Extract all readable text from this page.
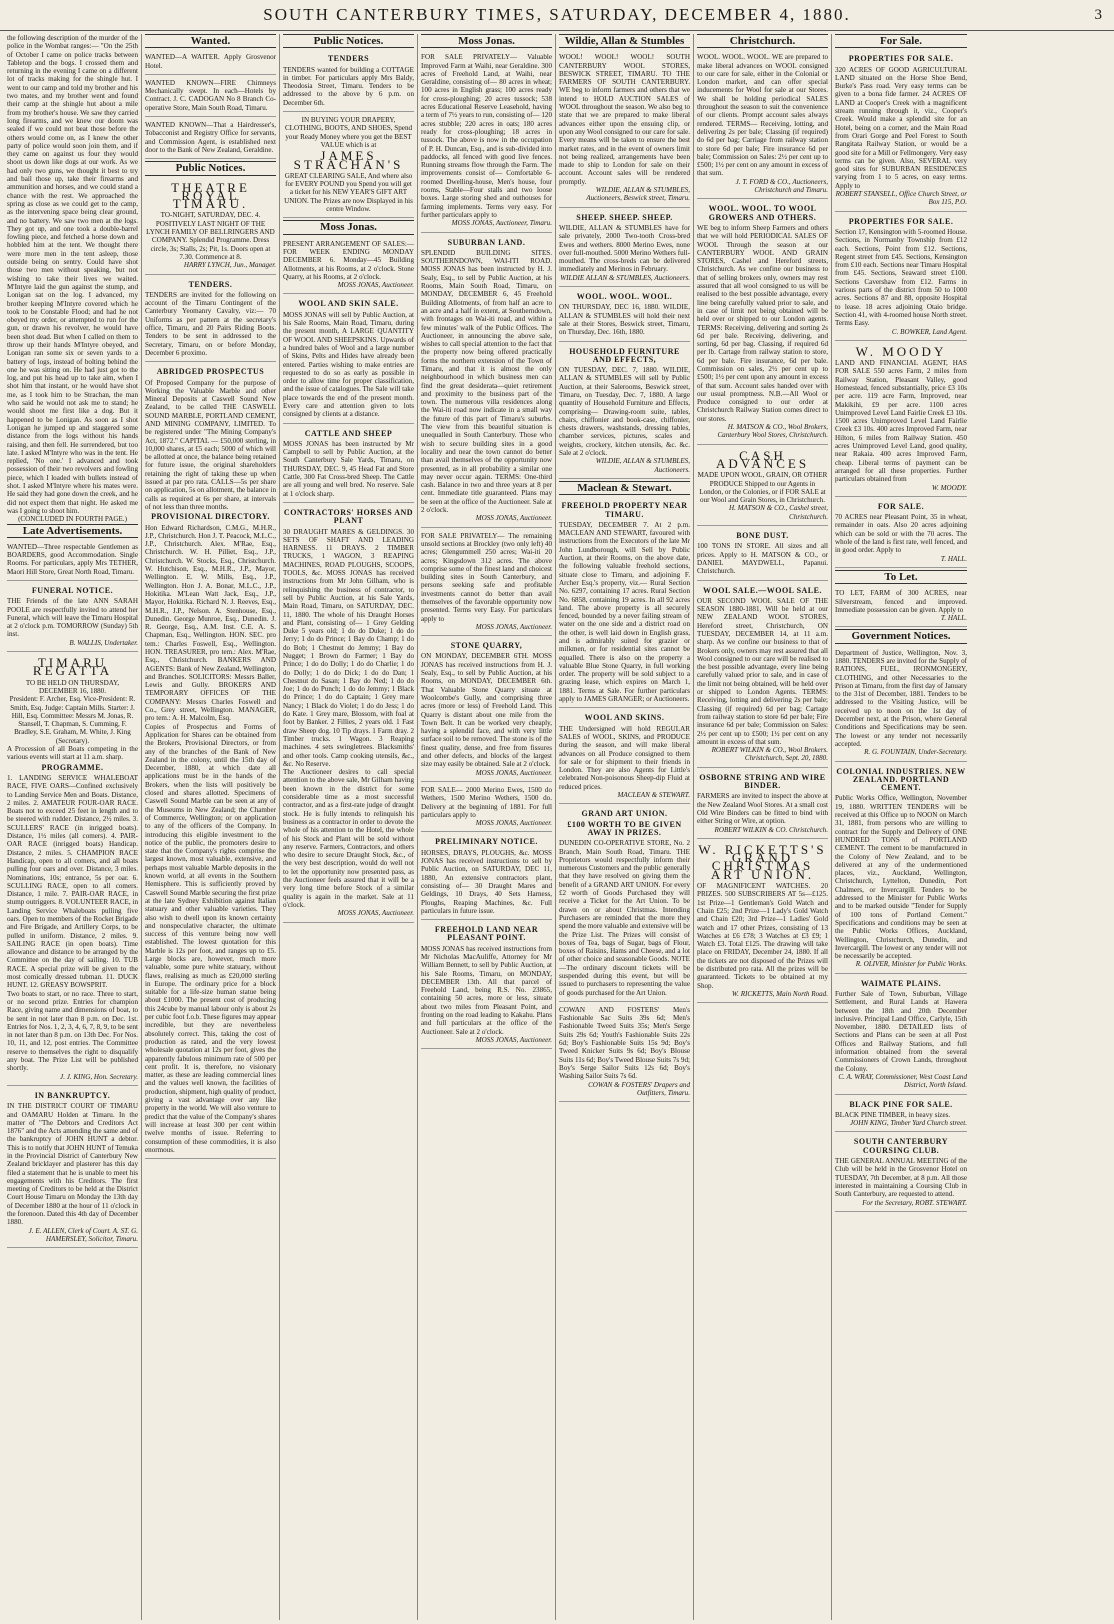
SOUTH CANTERBURY TIMES, SATURDAY, DECEMBER 4, 1880.	3

the following description of the murder of the police in the Wombat ranges:— "On the 25th of October I came on police tracks between Tabletop and the bogs. I crossed them and returning in the evening I came on a different lot of tracks making for the shingle hut. I went to our camp and told my brother and his two mates, and my brother went and found their camp at the shingle hut about a mile from my brother's house. We saw they carried long firearms, and we knew our doom was sealed if we could not beat those before the others would come on, as I knew the other party of police would soon join them, and if they came on against us four they would shoot us down like dogs at our work. As we had only two guns, we thought it best to try and bail those up, take their firearms and ammunition and horses, and we could stand a chance with the rest. We approached the spring as close as we could get to the camp, as the intervening space being clear ground, and no battery. We saw two men at the logs. They got up, and one took a double-barrel fowling piece, and fetched a horse down and hobbled him at the tent. We thought there were more men in the tent asleep, those outside being on sentry. Could have shot those two men without speaking, but not wishing to take their lives we waited. M'Intyre laid the gun against the stump, and Lonigan sat on the log. I advanced, my brother keeping M'Intyre covered which he took to be Constable Flood; and had he not obeyed my order, or attempted to run for the gun, or drawn his revolver, he would have been shot dead. But when I called on them to throw up their hands M'Intyre obeyed, and Lonigan ran some six or seven yards to a battery of logs, instead of bolting behind the one he was sitting on. He had just got to the log, and put his head up to take aim, when I shot him that instant, or he would have shot me, as I took him to be Strachan, the man who said he would not ask me to stand; he would shoot me first like a dog. But it happened to be Lonigan. As soon as I shot Lonigan he jumped up and staggered some distance from the logs without his hands raising, and then fell. He surrendered, but too late. I asked M'Intyre who was in the tent. He replied, 'No one.' I advanced and took possession of their two revolvers and fowling piece, which I loaded with bullets instead of shot. I asked M'Intyre where his mates were. He said they had gone down the creek, and he did not expect them that night. He asked me was I going to shoot him.

(CONCLUDED IN FOURTH PAGE.)

Late Advertisements.

WANTED—Three respectable Gentlemen as BOARDERS, good Accommodation. Single Rooms. For particulars, apply Mrs TETHER, Maori Hill Store, Great North Road, Timaru.

FUNERAL NOTICE.

THE Friends of the late ANN SARAH POOLE are respectfully invited to attend her Funeral, which will leave the Timaru Hospital at 2 o'clock p.m. TOMORROW (Sunday) 5th inst.

B. WALLIS, Undertaker.

TIMARU REGATTA

TO BE HELD ON THURSDAY, DECEMBER 16, 1880.

President: F. Archer, Esq. Vice-President: R. Smith, Esq. Judge: Captain Mills. Starter: J. Hill, Esq. Committee: Messrs M. Jonas, R. Stansell, T. Chapman, S. Cumming, F. Bradley, S.E. Graham, M. White, J. King (Secretary).

A Procession of all Boats competing in the various events will start at 11 a.m. sharp.

PROGRAMME.

1. LANDING SERVICE WHALEBOAT RACE, FIVE OARS—Confined exclusively to Landing Service Men and Boats. Distance, 2 miles. 2. AMATEUR FOUR-OAR RACE. Boats not to exceed 25 feet in length and to be steered with rudder. Distance, 2½ miles. 3. SCULLERS' RACE (in inrigged boats). Distance, 1½ miles (all comers). 4. PAIR-OAR RACE (inrigged boats) Handicap. Distance, 2 miles. 5. CHAMPION RACE Handicap, open to all comers, and all boats pulling four oars and over. Distance, 3 miles. Nominations, 10s; entrance, 5s per oar. 6. SCULLING RACE, open to all comers. Distance, 1 mile. 7. PAIR-OAR RACE, in stump outriggers. 8. VOLUNTEER RACE, in Landing Service Whaleboats pulling five oars. Open to members of the Rocket Brigade and Fire Brigade, and Artillery Corps, to be pulled in uniform. Distance, 2 miles. 9. SAILING RACE (in open boats). Time allowance and distance to be arranged by the Committee on the day of sailing. 10. TUB RACE. A special prize will be given to the most comically dressed tubman. 11. DUCK HUNT. 12. GREASY BOWSPRIT.

Two boats to start, or no race. Three to start, or no second prize. Entries for champion Race, giving name and dimensions of boat, to be sent in not later than 8 p.m. on Dec. 1st. Entries for Nos. 1, 2, 3, 4, 6, 7, 8, 9, to be sent in not later than 8 p.m. on 13th Dec. For Nos. 10, 11, and 12, post entries. The Committee reserve to themselves the right to disqualify any boat. The Prize List will be published shortly.

J. J. KING, Hon. Secretary.

IN BANKRUPTCY.

IN THE DISTRICT COURT OF TIMARU and OAMARU Holden at Timaru. In the matter of "The Debtors and Creditors Act 1876" and the Acts amending the same and of the bankruptcy of JOHN HUNT a debtor. This is to notify that JOHN HUNT of Temuka in the Provincial District of Canterbury New Zealand bricklayer and plasterer has this day filed a statement that he is unable to meet his engagements with his Creditors. The first meeting of Creditors to be held at the District Court House Timaru on Monday the 13th day of December 1880 at the hour of 11 o'clock in the forenoon. Dated this 4th day of December 1880.

J. E. ALLEN, Clerk of Court. A. ST. G. HAMERSLEY, Solicitor, Timaru.

Wanted.

WANTED—A WAITER. Apply Grosvenor Hotel.

WANTED KNOWN—FIRE Chimneys Mechanically swept. In each—Hotels by Contract. J. C. CADOGAN No 8 Branch Co-operative Store, Main South Road, Timaru.

WANTED KNOWN—That a Hairdresser's, Tobacconist and Registry Office for servants, and Commission Agent, is established next door to the Bank of New Zealand, Geraldine.

Public Notices.
THEATRE ROYAL TIMARU.

TO-NIGHT, SATURDAY, DEC. 4. POSITIVELY LAST NIGHT OF THE LYNCH FAMILY OF BELLRINGERS AND COMPANY. Splendid Programme. Dress circle, 3s; Stalls, 2s; Pit, 1s. Doors open at 7.30. Commence at 8.

HARRY LYNCH, Jun., Manager.

TENDERS.

TENDERS are invited for the following on account of the Timaru Contingent of the Canterbury Yeomanry Cavalry, viz:— 70 Uniforms as per pattern at the secretary's office, Timaru, and 20 Pairs Riding Boots. Tenders to be sent in addressed to the Secretary, Timaru, on or before Monday, December 6 proximo.

ABRIDGED PROSPECTUS

Of Proposed Company for the purpose of Working the Valuable Marble and other Mineral Deposits at Caswell Sound New Zealand, to be called THE CASWELL SOUND MARBLE, PORTLAND CEMENT, AND MINING COMPANY, LIMITED. To be registered under "The Mining Company's Act, 1872." CAPITAL — £50,000 sterling, in 10,000 shares, at £5 each; 5000 of which will be allotted at once, the balance being retained for future issue, the original shareholders retaining the right of taking these up when issued at par pro rata. CALLS—5s per share on application, 5s on allotment, the balance in calls as required at 6s per share, at intervals of not less than three months.

PROVISIONAL DIRECTORY.

Hon Edward Richardson, C.M.G., M.H.R., J.P., Christchurch. Hon J. T. Peacock, M.L.C., J.P., Christchurch. Alex. M'Rae, Esq., Christchurch. W. H. Pilliet, Esq., J.P., Christchurch. W. Stocks, Esq., Christchurch. W. Hutchison, Esq., M.H.R., J.P., Mayor, Wellington. E. W. Mills, Esq., J.P., Wellington. Hon J. A. Bonar, M.L.C., J.P., Hokitika. M'Lean Watt Jack, Esq., J.P., Mayor, Hokitika. Richard N. J. Reeves, Esq., M.H.R., J.P., Nelson. A. Stenhouse, Esq., Dunedin. George Munroe, Esq., Dunedin. J. R. George, Esq., A.M. Inst. C.E. A. S. Chapman, Esq., Wellington. HON. SEC. pro tem.: Charles Foswell, Esq., Wellington. HON. TREASURER, pro tem.: Alex. M'Rae, Esq., Christchurch. BANKERS AND AGENTS: Bank of New Zealand, Wellington, and Branches. SOLICITORS: Messrs Baller, Lewis and Gully. BROKERS AND TEMPORARY OFFICES OF THE COMPANY: Messrs Charles Foswell and Co., Grey street, Wellington. MANAGER, pro tem.: A. H. Malcolm, Esq.

Copies of Prospectus and Forms of Application for Shares can be obtained from the Brokers, Provisional Directors, or from any of the branches of the Bank of New Zealand in the colony, until the 15th day of December, 1880, at which date all applications must be in the hands of the Brokers, when the lists will positively be closed and shares allotted. Specimens of Caswell Sound Marble can be seen at any of the Museums in New Zealand; the Chamber of Commerce, Wellington; or on application to any of the officers of the Company. In introducing this eligible investment to the notice of the public, the promoters desire to state that the Company's rights comprise the largest known, most valuable, extensive, and perhaps most valuable Marble deposits in the known world, at all events in the Southern Hemisphere. This is sufficiently proved by Caswell Sound Marble securing the first prize at the late Sydney Exhibition against Italian statuary and other valuable varieties. They also wish to dwell upon its known certainty and nonspeculative character, the ultimate success of this venture being now well established. The lowest quotation for this Marble is 12s per foot, and ranges up to £5. Large blocks are, however, much more valuable, some pure white statuary, without flaws, realising as much as £20,000 sterling in Europe. The ordinary price for a block suitable for a life-size human statue being about £1000. The present cost of producing this 24cube by manual labour only is about 2s per cubic foot f.o.b. These figures may appear incredible, but they are nevertheless absolutely correct. This, taking the cost of production as rated, and the very lowest wholesale quotation at 12s per foot, gives the apparently fabulous minimum rate of 500 per cent profit. It is, therefore, no visionary matter, as these are leading commercial lines and the values well known, the facilities of production, shipment, high quality of product, giving a vast advantage over any like property in the world. We will also venture to predict that the value of the Company's shares will increase at least 300 per cent within twelve months of issue. Referring to consumption of these commodities, it is also enormous.

Public Notices.
TENDERS

TENDERS wanted for building a COTTAGE in timber. For particulars apply Mrs Baldy, Theodosia Street, Timaru. Tenders to be addressed to the above by 6 p.m. on December 6th.

IN BUYING YOUR DRAPERY, CLOTHING, BOOTS, AND SHOES, Spend your Ready Money where you get the BEST VALUE which is at

JAMES STRACHAN'S

GREAT CLEARING SALE, And where also for EVERY POUND you Spend you will get a ticket for his NEW YEAR'S GIFT ART UNION. The Prizes are now Displayed in his centre Window.

Moss Jonas.

PRESENT ARRANGEMENT OF SALES:— FOR WEEK ENDING MONDAY DECEMBER 6. Monday—45 Building Allotments, at his Rooms, at 2 o'clock. Stone Quarry, at his Rooms, at 2 o'clock.

MOSS JONAS, Auctioneer.

WOOL AND SKIN SALE.

MOSS JONAS will sell by Public Auction, at his Sale Rooms, Main Road, Timaru, during the present month, A LARGE QUANTITY OF WOOL AND SHEEPSKINS. Upwards of a hundred bales of Wool and a large number of Skins, Pelts and Hides have already been entered. Parties wishing to make entries are requested to do so as early as possible in order to allow time for proper classification, and the issue of catalogues. The Sale will take place towards the end of the present month. Every care and attention given to lots consigned by clients at a distance.

CATTLE AND SHEEP

MOSS JONAS has been instructed by Mr Campbell to sell by Public Auction, at the South Canterbury Sale Yards, Timaru, on THURSDAY, DEC. 9, 45 Head Fat and Store Cattle, 300 Fat Cross-bred Sheep. The Cattle are all young and well bred. No reserve. Sale at 1 o'clock sharp.

CONTRACTORS' HORSES AND PLANT

30 DRAUGHT MARES & GELDINGS. 30 SETS OF SHAFT AND LEADING HARNESS. 11 DRAYS. 2 TIMBER TRUCKS, 1 WAGON, 3 REAPING MACHINES, ROAD PLOUGHS, SCOOPS, TOOLS, &c. MOSS JONAS has received instructions from Mr John Gilham, who is relinquishing the business of contractor, to sell by Public Auction, at his Sale Yards, Main Road, Timaru, on SATURDAY, DEC. 11, 1880. The whole of his Draught Horses and Plant, consisting of— 1 Grey Gelding Duke 5 years old; 1 do do Duke; 1 do do Jerry; 1 do do Prince; 1 Bay do Champ; 1 do do Bob; 1 Chestnut do Jemmy; 1 Bay do Nugget; 1 Brown do Farmer; 1 Bay do Prince; 1 do do Dolly; 1 do do Charlie; 1 do do Dolly; 1 do do Dick; 1 do do Dan; 1 Chestnut do Sasan; 1 Bay do Ned; 1 do do Joe; 1 do do Punch; 1 do do Jemmy; 1 Black do Prince; 1 do do Captain; 1 Grey mare Nancy; 1 Black do Violet; 1 do do Jess; 1 do do Kate. 1 Grey mare, Blossom, with foal at foot by Banker. 2 Fillies, 2 years old. 1 Fast draw Sheep dog. 10 Tip drays. 1 Farm dray. 2 Timber trucks. 1 Wagon. 3 Reaping machines. 4 sets swingletrees. Blacksmiths' and other tools. Camp cooking utensils, &c., &c. No Reserve.

The Auctioneer desires to call special attention to the above sale, Mr Gilham having been known in the district for some considerable time as a most successful contractor, and as a first-rate judge of draught stock. He is fully intends to relinquish his business as a contractor in order to devote the whole of his attention to the Hotel, the whole of his Stock and Plant will be sold without any reserve. Farmers, Contractors, and others who desire to secure Draught Stock, &c., of the very best description, would do well not to let the opportunity now presented pass, as the Auctioneer feels assured that it will be a very long time before Stock of a similar quality is again in the market. Sale at 11 o'clock.

MOSS JONAS, Auctioneer.

Moss Jonas.

FOR SALE PRIVATELY— Valuable Improved Farm at Waihi, near Geraldine. 300 acres of Freehold Land, at Waihi, near Geraldine, consisting of— 80 acres in wheat; 100 acres in English grass; 100 acres ready for cross-ploughing; 20 acres tussock; 538 acres Educational Reserve Leasehold, having a term of 7½ years to run, consisting of— 120 acres stubble; 220 acres in oats; 180 acres ready for cross-ploughing; 18 acres in tussock. The above is now in the occupation of P. H. Duncan, Esq., and is sub-divided into paddocks, all fenced with good live fences. Running streams flow through the Farm. The improvements consist of— Comfortable 6-roomed Dwelling-house, Men's house, four rooms, Stable—Four stalls and two loose boxes. Large storing shed and outhouses for farming implements. Terms very easy. For further particulars apply to

MOSS JONAS, Auctioneer, Timaru.

SUBURBAN LAND.

SPLENDID BUILDING SITES. SOUTHERNDOWN, WAI-ITI ROAD. MOSS JONAS has been instructed by H. J. Sealy, Esq., to sell by Public Auction, at his Rooms, Main South Road, Timaru, on MONDAY, DECEMBER 6, 45 Freehold Building Allotments, of from half an acre to an acre and a half in extent, at Southerndown, with frontages on Wai-iti road, and within a few minutes' walk of the Public Offices. The Auctioneer, in announcing the above sale, wishes to call special attention to the fact that the property now being offered practically forms the northern extension of the Town of Timaru, and that it is almost the only neighbourhood in which business men can find the great desiderata—quiet retirement and proximity to the business part of the town. The numerous villa residences along the Wai-iti road now indicate in a small way the future of this part of Timaru's suburbs. The view from this beautiful situation is unequalled in South Canterbury. Those who wish to secure building sites in a good locality and near the town cannot do better than avail themselves of the opportunity now presented, as in all probability a similar one may never occur again. TERMS: One-third cash. Balance in two and three years at 8 per cent. Immediate title guaranteed. Plans may be seen at the office of the Auctioneer. Sale at 2 o'clock.

MOSS JONAS, Auctioneer.

FOR SALE PRIVATELY— The remaining unsold sections at Brockley (two only left) 40 acres; Glengummell 250 acres; Wai-iti 20 acres; Kingsdown 312 acres. The above comprise some of the finest land and choicest building sites in South Canterbury, and persons seeking safe and profitable investments cannot do better than avail themselves of the favorable opportunity now presented. Terms very Easy. For particulars apply to

MOSS JONAS, Auctioneer.

STONE QUARRY,

ON MONDAY, DECEMBER 6TH. MOSS JONAS has received instructions from H. J. Sealy, Esq., to sell by Public Auction, at his Rooms, on MONDAY, DECEMBER 6th. That Valuable Stone Quarry situate at Woolcombe's Gully, and comprising three acres (more or less) of Freehold Land. This Quarry is distant about one mile from the Town Belt. It can be worked very cheaply, having a splendid face, and with very little surface soil to be removed. The stone is of the finest quality, dense, and free from fissures and other defects, and blocks of the largest size may easily be obtained. Sale at 2 o'clock.

MOSS JONAS, Auctioneer.

FOR SALE— 2000 Merino Ewes, 1500 do Wethers, 1500 Merino Wethers, 1500 do. Delivery at the beginning of 1881. For full particulars apply to

MOSS JONAS, Auctioneer.

PRELIMINARY NOTICE.

HORSES, DRAYS, PLOUGHS, &c. MOSS JONAS has received instructions to sell by Public Auction, on SATURDAY, DEC 11, 1880, An extensive contractors plant, consisting of— 30 Draught Mares and Geldings, 10 Drays, 40 Sets Harness, Ploughs, Reaping Machines, &c. Full particulars in future issue.

FREEHOLD LAND NEAR PLEASANT POINT.

MOSS JONAS has received instructions from Mr Nicholas MacAuliffe, Attorney for Mr William Bennett, to sell by Public Auction, at his Sale Rooms, Timaru, on MONDAY, DECEMBER 13th. All that parcel of Freehold Land, being R.S. No. 23865, containing 50 acres, more or less, situate about two miles from Pleasant Point, and fronting on the road leading to Kakahu. Plans and full particulars at the office of the Auctioneer. Sale at 2 o'clock.

MOSS JONAS, Auctioneer.

Wildie, Allan & Stumbles

WOOL! WOOL! WOOL! SOUTH CANTERBURY WOOL STORES, BESWICK STREET, TIMARU. TO THE FARMERS OF SOUTH CANTERBURY. WE beg to inform farmers and others that we intend to HOLD AUCTION SALES of WOOL throughout the season. We also beg to state that we are prepared to make liberal advances either upon the ensuing clip, or upon any Wool consigned to our care for sale. Every means will be taken to ensure the best market rates, and in the event of owners limit not being realized, arrangements have been made to ship to London for sale on their account. Account sales will be rendered promptly.

WILDIE, ALLAN & STUMBLES, Auctioneers, Beswick street, Timaru.

SHEEP. SHEEP. SHEEP.

WILDIE, ALLAN & STUMBLES have for sale privately, 2000 Two-tooth Cross-bred Ewes and wethers. 8000 Merino Ewes, none over full-mouthed. 5000 Merino Wethers full-mouthed. The cross-breds can be delivered immediately and Merinos in February.

WILDIE ALLAN & STUMBLES, Auctioneers.

WOOL. WOOL. WOOL.

ON THURSDAY, DEC 16, 1880. WILDIE, ALLAN & STUMBLES will hold their next sale at their Stores, Beswick street, Timaru, on Thursday, Dec. 16th, 1880.

HOUSEHOLD FURNITURE AND EFFECTS,

ON TUESDAY, DEC. 7, 1880. WILDIE, ALLAN & STUMBLES will sell by Public Auction, at their Salerooms, Beswick street, Timaru, on Tuesday, Dec. 7, 1880. A large quantity of Household Furniture and Effects, comprising— Drawing-room suite, tables, chairs, chiffonier and book-case, chiffonier, chests drawers, washstands, dressing tables, chamber services, pictures, scales and weights, crockery, kitchen utensils, &c. &c. Sale at 2 o'clock.

WILDIE, ALLAN & STUMBLES, Auctioneers.

Maclean & Stewart.
FREEHOLD PROPERTY NEAR TIMARU.

TUESDAY, DECEMBER 7. At 2 p.m. MACLEAN AND STEWART, favoured with instructions from the Executors of the late Mr John Lundborough, will Sell by Public Auction, at their Rooms, on the above date, the following valuable freehold sections, situate close to Timaru, and adjoining F. Archer Esq.'s property, viz.— Rural Section No. 6297, containing 17 acres. Rural Section No. 6858, containing 19 acres. In all 92 acres land. The above property is all securely fenced, bounded by a never failing stream of water on the one side and a district road on the other, is well laid down in English grass, and is admirably suited for grazier or milkmen, or for residential sites cannot be equalled. There is also on the property a valuable Blue Stone Quarry, in full working order. The property will be sold subject to a grazing lease, which expires on March 1, 1881. Terms at Sale. For further particulars apply to JAMES GRANGER; or Auctioneers.

WOOL AND SKINS.

THE Undersigned will hold REGULAR SALES of WOOL, SKINS, and PRODUCE during the season, and will make liberal advances on all Produce consigned to them for sale or for shipment to their friends in London. They are also Agents for Little's celebrated Non-poisonous Sheep-dip Fluid at reduced prices.

MACLEAN & STEWART.

GRAND ART UNION.
£100 WORTH TO BE GIVEN AWAY IN PRIZES.

DUNEDIN CO-OPERATIVE STORE, No. 2 Branch, Main South Road, Timaru. THE Proprietors would respectfully inform their numerous Customers and the public generally that they have resolved on giving them the benefit of a GRAND ART UNION. For every £2 worth of Goods Purchased they will receive a Ticket for the Art Union. To be drawn on or about Christmas. Intending Purchasers are reminded that the more they spend the more valuable and extensive will be the Prize List. The Prizes will consist of boxes of Tea, bags of Sugar, bags of Flour, boxes of Raisins, Hams and Cheese, and a lot of other choice and seasonable Goods. NOTE—The ordinary discount tickets will be suspended during this event, but will be issued to purchasers to representing the value of goods purchased for the Art Union.

COWAN AND FOSTERS' Men's Fashionable Sac Suits 39s 6d; Men's Fashionable Tweed Suits 35s; Men's Serge Suits 29s 6d; Youth's Fashionable Suits 22s 6d; Boy's Fashionable Suits 15s 9d; Boy's Tweed Knicker Suits 9s 6d; Boy's Blouse Suits 11s 6d; Boy's Tweed Blouse Suits 7s 9d; Boy's Serge Sailor Suits 12s 6d; Boy's Washing Sailor Suits 7s 6d.

COWAN & FOSTERS' Drapers and Outfitters, Timaru.

Christchurch.

WOOL. WOOL. WOOL. WE are prepared to make liberal advances on WOOL consigned to our care for sale, either in the Colonial or London market, and can offer special inducements for Wool for sale at our Stores. We shall be holding periodical SALES throughout the season to suit the convenience of our clients. Prompt account sales always rendered. TERMS— Receiving, lotting, and delivering 2s per bale; Classing (if required) do 6d per bag; Carriage from railway station to store 6d per bale; Fire insurance 6d per bale; Commission on Sales: 2½ per cent up to £500; 1½ per cent on any amount in excess of that sum.

J. T. FORD & CO., Auctioneers, Christchurch and Timaru.

WOOL. WOOL. TO WOOL GROWERS AND OTHERS.

WE beg to inform Sheep Farmers and others that we will hold PERIODICAL SALES OF WOOL Through the season at our CANTERBURY WOOL AND GRAIN STORES, Cashel and Hereford streets, Christchurch. As we confine our business to that of selling brokers only, owners may rest assured that all wool consigned to us will be realised to the best possible advantage, every line being carefully valued prior to sale, and in case of limit not being obtained will be held over or shipped to our London agents. TERMS: Receiving, delivering and sorting 2s 6d per bale. Receiving, delivering, and sorting, 6d per bag. Classing, if required 6d per lb. Cartage from railway station to store, 6d per bale. Fire insurance, 6d per bale. Commission on sales, 2½ per cent up to £500; 1½ per cent upon any amount in excess of that sum. Account sales handed over with our usual promptness. N.B.—All Wool or Produce consigned to our order at Christchurch Railway Station comes direct to our stores.

H. MATSON & CO., Wool Brokers, Canterbury Wool Stores, Christchurch.

CASH ADVANCES

MADE UPON WOOL, GRAIN, OR OTHER PRODUCE Shipped to our Agents in London, or the Colonies, or if FOR SALE at our Wool and Grain Stores, in Christchurch.

H. MATSON & CO., Cashel street, Christchurch.

BONE DUST.

100 TONS IN STORE. All sizes and all prices. Apply to H. MATSON & CO., or DANIEL MAYDWELL, Papanui. Christchurch.

WOOL SALE.—WOOL SALE.

OUR SECOND WOOL SALE OF THE SEASON 1880-1881, Will be held at our NEW ZEALAND WOOL STORES, Hereford street, Christchurch, ON TUESDAY, DECEMBER 14, at 11 a.m. sharp. As we confine our business to that of Brokers only, owners may rest assured that all Wool consigned to our care will be realised to the best possible advantage, every line being carefully valued prior to sale, and in case of the limit not being obtained, will be held over or shipped to London Agents. TERMS: Receiving, lotting and delivering 2s per bale; Classing (if required) 6d per bag; Cartage from railway station to store 6d per bale; Fire insurance 6d per bale; Commission on Sales: 2½ per cent up to £500; 1½ per cent on any amount in excess of that sum.

ROBERT WILKIN & CO., Wool Brokers. Christchurch, Sept. 20, 1880.

OSBORNE STRING AND WIRE BINDER.

FARMERS are invited to inspect the above at the New Zealand Wool Stores. At a small cost Old Wire Binders can be fitted to bind with either String or Wire, at option.

ROBERT WILKIN & CO. Christchurch.

W. RICKETTS'S GRAND CHRISTMAS ART UNION.

OF MAGNIFICENT WATCHES. 20 PRIZES. 500 SUBSCRIBERS AT 5s—£125. 1st Prize—1 Gentleman's Gold Watch and Chain £25; 2nd Prize—1 Lady's Gold Watch and Chain £20; 3rd Prize—1 Ladies' Gold watch and 17 other Prizes, consisting of 13 Watches at £6 £78; 3 Watches at £3 £9; 1 Watch £3. Total £125. The drawing will take place on FRIDAY, December 24, 1880. If all the tickets are not disposed of the Prizes will be distributed pro rata. All the prizes will be guaranteed. Tickets to be obtained at my Shop.

W. RICKETTS, Main North Road.

For Sale.
PROPERTIES FOR SALE.

320 ACRES OF GOOD AGRICULTURAL LAND situated on the Horse Shoe Bend, Burke's Pass road. Very easy terms can be given to a bona fide farmer. 24 ACRES OF LAND at Cooper's Creek with a magnificent stream running through it, viz., Cooper's Creek. Would make a splendid site for an Hotel, being on a corner, and the Main Road from Orari Gorge and Peel Forest to South Rangitata Railway Station, or would be a good site for a Mill or Fellmongery. Very easy terms can be given. Also, SEVERAL very good sites for SUBURBAN RESIDENCES varying from 1 to 5 acres, on easy terms. Apply to

ROBERT STANSELL, Office Church Street, or Box 115, P.O.

PROPERTIES FOR SALE.

Section 17, Kensington with 5-roomed House. Sections, in Normanby Township from £12 each. Sections, Point from £12. Sections, Regent street from £45. Sections, Kensington from £10 each. Sections near Timaru Hospital from £45. Sections, Seaward street £100. Sections Cavershaw from £12. Farms in various parts of the district from 50 to 1000 acres. Sections 87 and 88, opposite Hospital to lease. 18 acres adjoining Otaio bridge. Section 41, with 4-roomed house North street. Terms Easy.

C. BOWKER, Land Agent.

W. MOODY

LAND AND FINANCIAL AGENT, HAS FOR SALE 550 acres Farm, 2 miles from Railway Station, Pleasant Valley, good Homestead, fenced substantially, price £3 10s per acre. 119 acre Farm, Improved, near Makikihi, £9 per acre. 1100 acres Unimproved Level Land Fairlie Creek £3 10s. 1500 acres Unimproved Level Land Fairlie Creek £3 10s. 400 acres Improved Farm, near Hilton, 6 miles from Railway Station. 450 acres Unimproved Level Land, good quality, near Rakaia. 400 acres Improved Farm, cheap. Liberal terms of payment can be arranged for all these properties. Further particulars obtained from

W. MOODY.

FOR SALE.

70 ACRES near Pleasant Point, 35 in wheat, remainder in oats. Also 20 acres adjoining which can be sold or with the 70 acres. The whole of the land is first rate, well fenced, and in good order. Apply to

T. HALL.

To Let.

TO LET, FARM of 300 ACRES, near Silverstream, fenced and improved. Immediate possession can be given. Apply to

T. HALL.

Government Notices.

Department of Justice, Wellington, Nov. 3, 1880. TENDERS are invited for the Supply of RATIONS, FUEL, IRONMONGERY, CLOTHING, and other Necessaries to the Prison at Timaru, from the first day of January to the 31st of December, 1881. Tenders to be addressed to the Visiting Justice, will be received up to noon on the 1st day of December next, at the Prison, where General Conditions and Specifications may be seen. The lowest or any tender not necessarily accepted.

R. G. FOUNTAIN, Under-Secretary.

COLONIAL INDUSTRIES. NEW ZEALAND. PORTLAND CEMENT.

Public Works Office, Wellington, November 19, 1880. WRITTEN TENDERS will be received at this Office up to NOON on March 31, 1881, from persons who are willing to contract for the Supply and Delivery of ONE HUNDRED TONS of PORTLAND CEMENT. The cement to be manufactured in the Colony of New Zealand, and to be delivered at any of the undermentioned places, viz., Auckland, Wellington, Christchurch, Lyttelton, Dunedin, Port Chalmers, or Invercargill. Tenders to be addressed to the Minister for Public Works and to be marked outside "Tender for Supply of 100 tons of Portland Cement." Specifications and conditions may be seen at the Public Works Offices, Auckland, Wellington, Christchurch, Dunedin, and Invercargill. The lowest or any tender will not be necessarily be accepted.

R. OLIVER, Minister for Public Works.

WAIMATE PLAINS.

Further Sale of Town, Suburban, Village Settlement, and Rural Lands at Hawera between the 18th and 20th December inclusive. Principal Land Office, Carlyle, 15th November, 1880. DETAILED lists of Sections and Plans can be seen at all Post Offices and Railway Stations, and full information obtained from the several Commissioners of Crown Lands, throughout the Colony.

C. A. WRAY, Commissioner, West Coast Land District, North Island.

BLACK PINE FOR SALE.

BLACK PINE TIMBER, in heavy sizes.

JOHN KING, Timber Yard Church street.

SOUTH CANTERBURY COURSING CLUB.

THE GENERAL ANNUAL MEETING of the Club will be held in the Grosvenor Hotel on TUESDAY, 7th December, at 8 p.m. All those interested in maintaining a Coursing Club in South Canterbury, are requested to attend.

For the Secretary, ROBT. STEWART.
